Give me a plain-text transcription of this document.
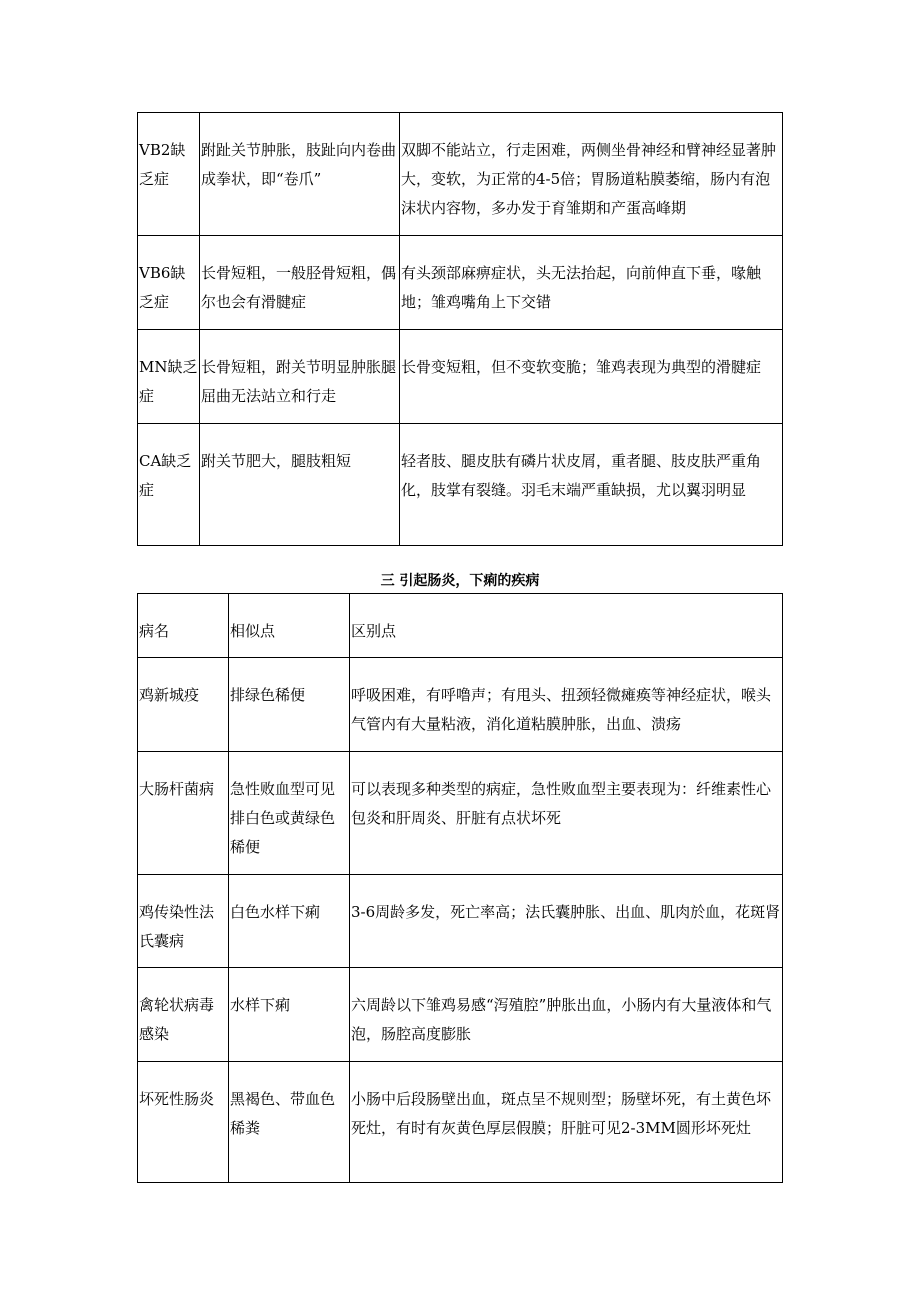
VB2缺乏症	跗趾关节肿胀，肢趾向内卷曲成拳状，即“卷爪”	双脚不能站立，行走困难，两侧坐骨神经和臂神经显著肿大，变软，为正常的4-5倍；胃肠道粘膜萎缩，肠内有泡沫状内容物，多办发于育雏期和产蛋高峰期
VB6缺乏症	长骨短粗，一般胫骨短粗，偶尔也会有滑腱症	有头颈部麻痹症状，头无法抬起，向前伸直下垂，喙触地；雏鸡嘴角上下交错
MN缺乏症	长骨短粗，跗关节明显肿胀腿屈曲无法站立和行走	长骨变短粗，但不变软变脆；雏鸡表现为典型的滑腱症
CA缺乏症	跗关节肥大，腿肢粗短	轻者肢、腿皮肤有磷片状皮屑，重者腿、肢皮肤严重角化，肢掌有裂缝。羽毛末端严重缺损，尤以翼羽明显
三 引起肠炎，下痢的疾病
病名	相似点	区别点
鸡新城疫	排绿色稀便	呼吸困难，有呼噜声；有甩头、扭颈轻微瘫痪等神经症状，喉头气管内有大量粘液，消化道粘膜肿胀，出血、溃疡
大肠杆菌病	急性败血型可见排白色或黄绿色稀便	可以表现多种类型的病症，急性败血型主要表现为：纤维素性心包炎和肝周炎、肝脏有点状坏死
鸡传染性法氏囊病	白色水样下痢	3-6周龄多发，死亡率高；法氏囊肿胀、出血、肌肉於血，花斑肾
禽轮状病毒感染	水样下痢	六周龄以下雏鸡易感“泻殖腔”肿胀出血，小肠内有大量液体和气泡，肠腔高度膨胀
坏死性肠炎	黑褐色、带血色稀粪	小肠中后段肠壁出血，斑点呈不规则型；肠壁坏死，有土黄色坏死灶，有时有灰黄色厚层假膜；肝脏可见2-3MM圆形坏死灶
